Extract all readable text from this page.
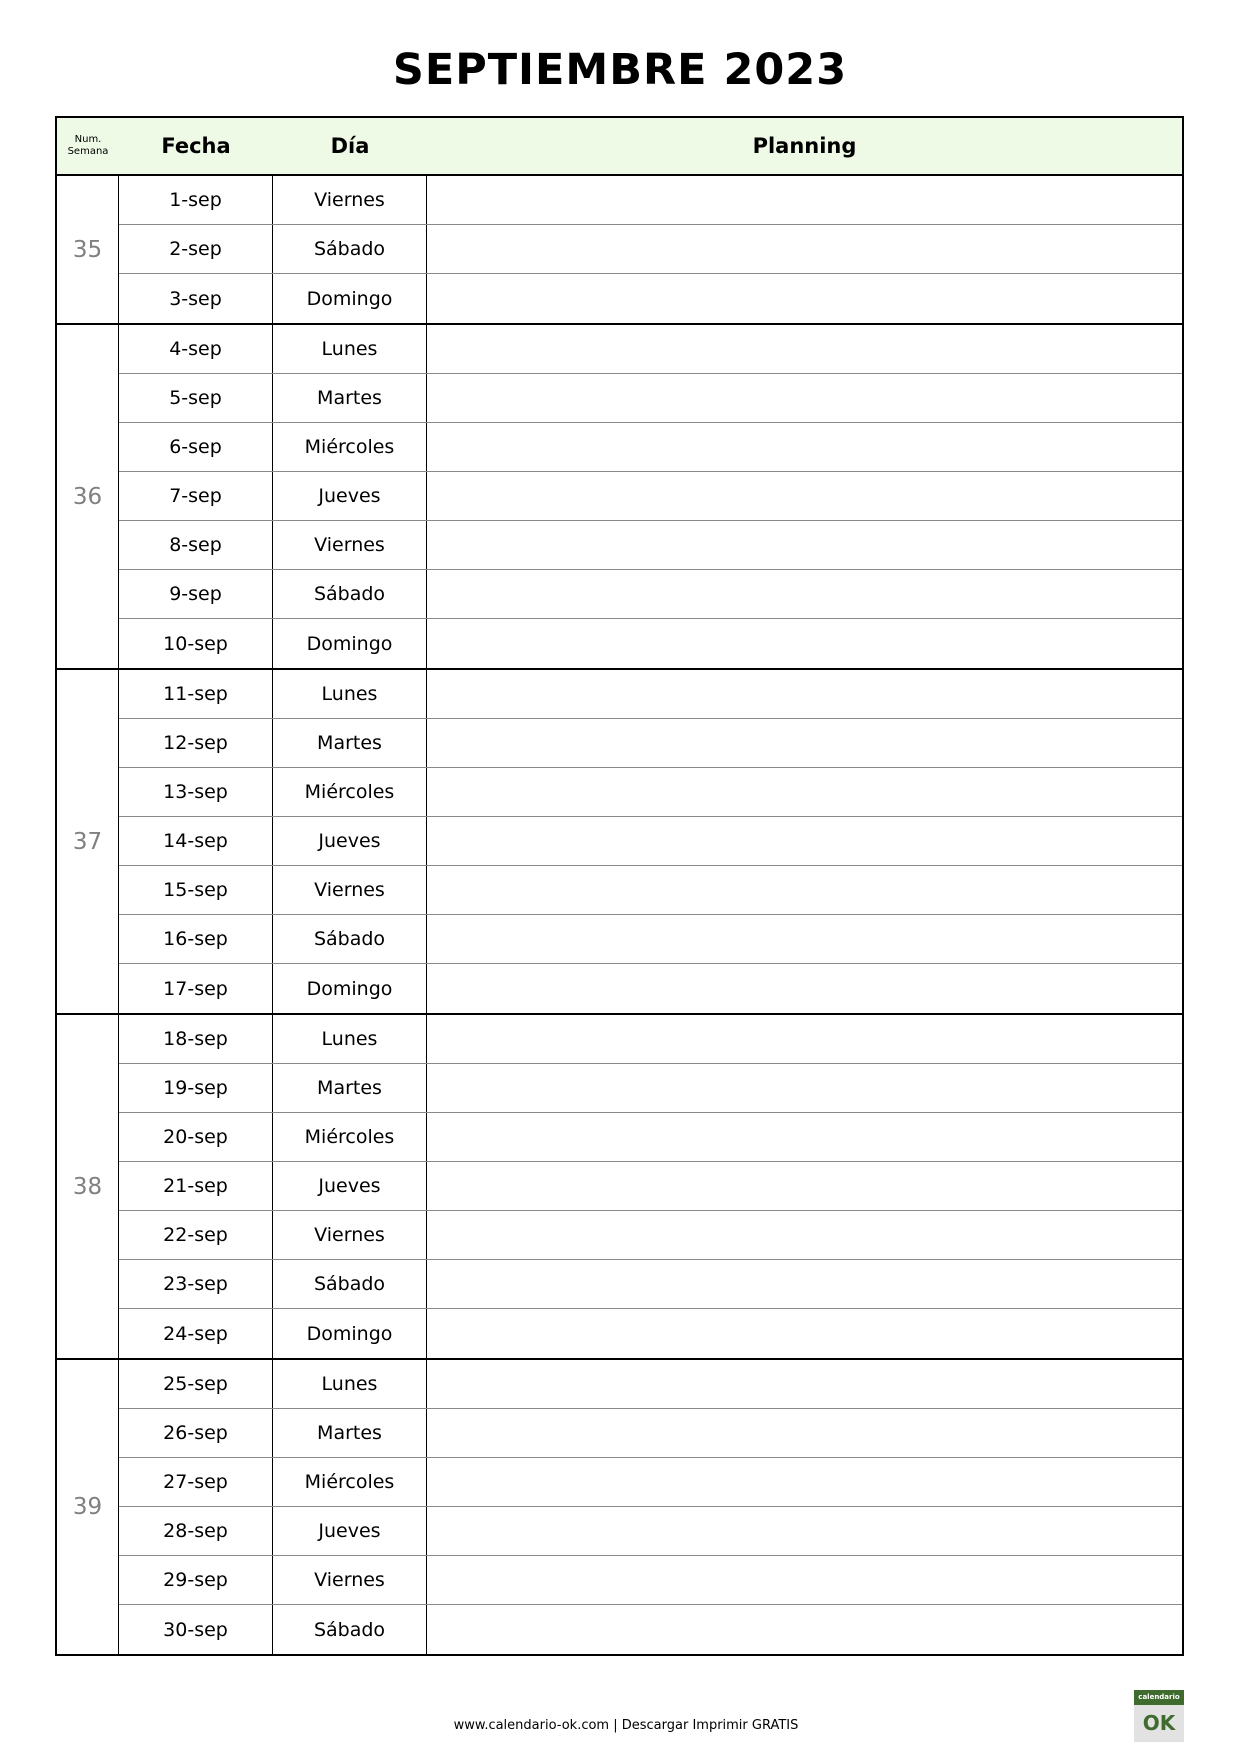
SEPTIEMBRE 2023
Num.
Semana	Fecha	Día	Planning
35
1-sep	Viernes
2-sep	Sábado
3-sep	Domingo
36
4-sep	Lunes
5-sep	Martes
6-sep	Miércoles
7-sep	Jueves
8-sep	Viernes
9-sep	Sábado
10-sep	Domingo
37
11-sep	Lunes
12-sep	Martes
13-sep	Miércoles
14-sep	Jueves
15-sep	Viernes
16-sep	Sábado
17-sep	Domingo
38
18-sep	Lunes
19-sep	Martes
20-sep	Miércoles
21-sep	Jueves
22-sep	Viernes
23-sep	Sábado
24-sep	Domingo
39
25-sep	Lunes
26-sep	Martes
27-sep	Miércoles
28-sep	Jueves
29-sep	Viernes
30-sep	Sábado
www.calendario-ok.com | Descargar Imprimir GRATIS
calendario
OK
